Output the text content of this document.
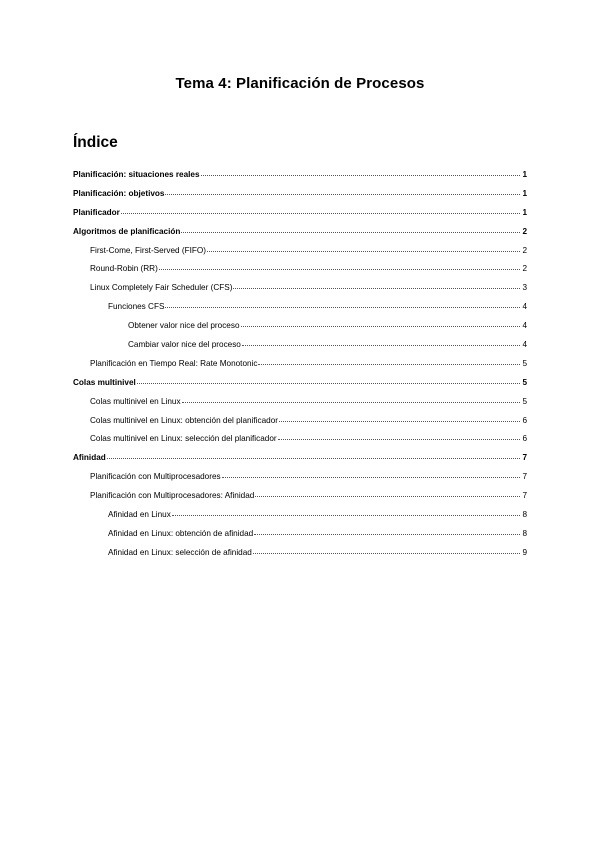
Tema 4: Planificación de Procesos
Índice
Planificación: situaciones reales	1
Planificación: objetivos	1
Planificador	1
Algoritmos de planificación	2
First-Come, First-Served (FIFO)	2
Round-Robin (RR)	2
Linux Completely Fair Scheduler (CFS)	3
Funciones CFS	4
Obtener valor nice del proceso	4
Cambiar valor nice del proceso	4
Planificación en Tiempo Real: Rate Monotonic	5
Colas multinivel	5
Colas multinivel en Linux	5
Colas multinivel en Linux: obtención del planificador	6
Colas multinivel en Linux: selección del planificador	6
Afinidad	7
Planificación con Multiprocesadores	7
Planificación con Multiprocesadores: Afinidad	7
Afinidad en Linux	8
Afinidad en Linux: obtención de afinidad	8
Afinidad en Linux: selección de afinidad	9
